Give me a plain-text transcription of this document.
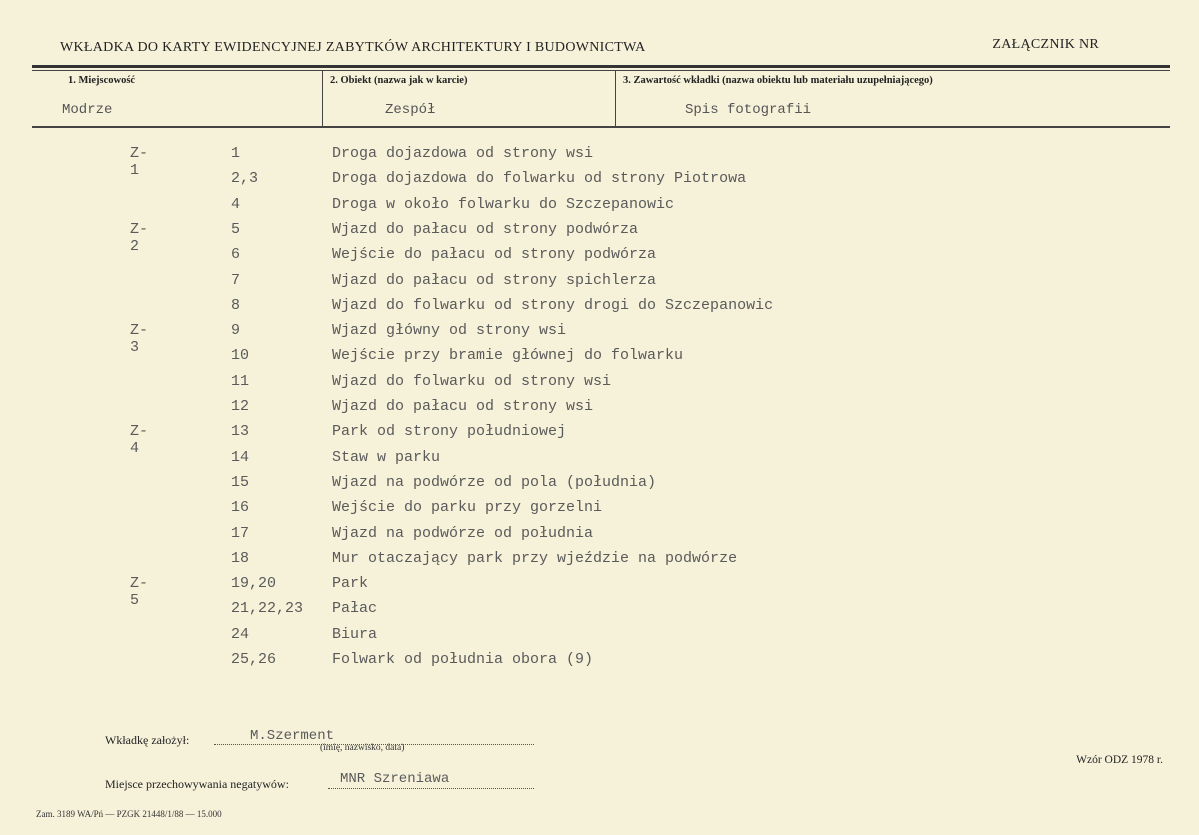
WKŁADKA DO KARTY EWIDENCYJNEJ ZABYTKÓW ARCHITEKTURY I BUDOWNICTWA	ZAŁĄCZNIK NR
1. Miejscowość	2. Obiekt (nazwa jak w karcie)	3. Zawartość wkładki (nazwa obiektu lub materiału uzupełniającego)
Modrze	Zespół	Spis fotografii
Z-1
1	Droga dojazdowa od strony wsi
2,3	Droga dojazdowa do folwarku od strony Piotrowa
4	Droga w około folwarku do Szczepanowic
Z-2
5	Wjazd do pałacu od strony podwórza
6	Wejście do pałacu od strony podwórza
7	Wjazd do pałacu od strony spichlerza
8	Wjazd do folwarku od strony drogi do Szczepanowic
Z-3
9	Wjazd główny od strony wsi
10	Wejście przy bramie głównej do folwarku
11	Wjazd do folwarku od strony wsi
12	Wjazd do pałacu od strony wsi
Z-4
13	Park od strony południowej
14	Staw w parku
15	Wjazd na podwórze od pola (południa)
16	Wejście do parku przy gorzelni
17	Wjazd na podwórze od południa
18	Mur otaczający park przy wjeździe na podwórze
Z-5
19,20	Park
21,22,23 Pałac
24	Biura
25,26	Folwark od południa obora (9)
Wkładkę założył:	M.Szerment
(imię, nazwisko, data)
Miejsce przechowywania negatywów:	MNR Szreniawa
Wzór ODZ 1978 r.
Zam. 3189 WA/Pń — PZGK 21448/1/88 — 15.000
